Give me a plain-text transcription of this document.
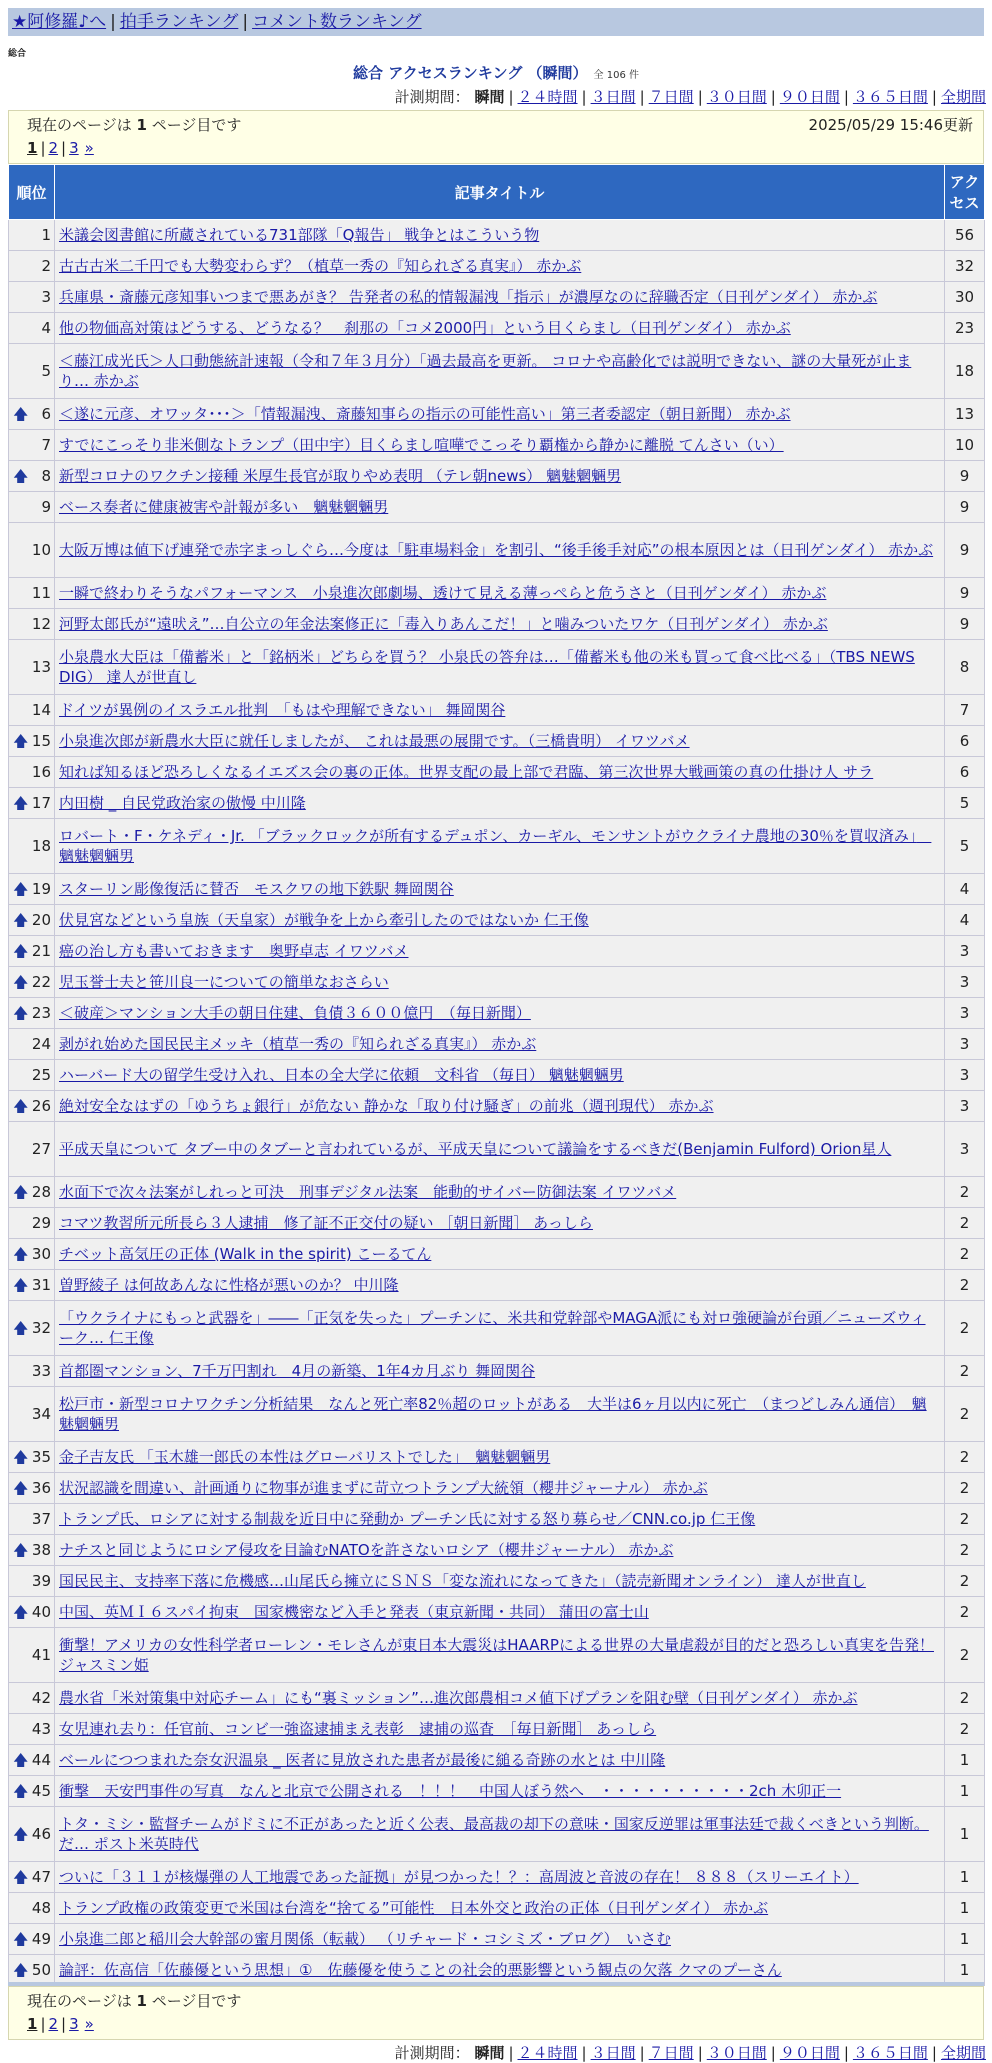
★阿修羅♪へ | 拍手ランキング | コメント数ランキング
総合
総合 アクセスランキング （瞬間） 全 106 件
計測期間： 瞬間 | ２４時間 | ３日間 | ７日間 | ３０日間 | ９０日間 | ３６５日間 | 全期間
現在のページは 1 ページ目です	2025/05/29 15:46更新
1 | 2 | 3 »
順位	記事タイトル	アクセス
1	米議会図書館に所蔵されている731部隊「Q報告」 戦争とはこういう物	56
2	古古古米二千円でも大勢変わらず？（植草一秀の『知られざる真実』） 赤かぶ	32
3	兵庫県・斎藤元彦知事いつまで悪あがき？ 告発者の私的情報漏洩「指示」が濃厚なのに辞職否定（日刊ゲンダイ） 赤かぶ	30
4	他の物価高対策はどうする、どうなる？　刹那の「コメ2000円」という目くらまし（日刊ゲンダイ） 赤かぶ	23
5	＜藤江成光氏＞人口動態統計速報（令和７年３月分）「過去最高を更新。 コロナや高齢化では説明できない、謎の大量死が止まり… 赤かぶ	18

🡅 6	＜遂に元彦、オワッタ･･･＞「情報漏洩、斎藤知事らの指示の可能性高い」第三者委認定（朝日新聞） 赤かぶ	13
7	すでにこっそり非米側なトランプ（田中宇）目くらまし喧嘩でこっそり覇権から静かに離脱 てんさい（い）	10

🡅 8	新型コロナのワクチン接種 米厚生長官が取りやめ表明 （テレ朝news） 魑魅魍魎男	9
9	ベース奏者に健康被害や計報が多い　魑魅魍魎男	9
10	大阪万博は値下げ連発で赤字まっしぐら…今度は「駐車場料金」を割引、“後手後手対応”の根本原因とは（日刊ゲンダイ） 赤かぶ	9
11	一瞬で終わりそうなパフォーマンス　小泉進次郎劇場、透けて見える薄っぺらと危うさと（日刊ゲンダイ） 赤かぶ	9
12	河野太郎氏が“遠吠え”…自公立の年金法案修正に「毒入りあんこだ！」と噛みついたワケ（日刊ゲンダイ） 赤かぶ	9
13	小泉農水大臣は「備蓄米」と「銘柄米」どちらを買う？ 小泉氏の答弁は…「備蓄米も他の米も買って食べ比べる」（TBS NEWS DIG） 達人が世直し	8
14	ドイツが異例のイスラエル批判　「もはや理解できない」 舞岡関谷	7

🡅 15	小泉進次郎が新農水大臣に就任しましたが、 これは最悪の展開です。（三橋貴明） イワツバメ	6
16	知れば知るほど恐ろしくなるイエズス会の裏の正体。世界支配の最上部で君臨、第三次世界大戦画策の真の仕掛け人 サラ	6

🡅 17	内田樹 _ 自民党政治家の傲慢 中川隆	5
18	ロバート・F・ケネディ・Jr. 「ブラックロックが所有するデュポン、カーギル、モンサントがウクライナ農地の30％を買収済み」　魑魅魍魎男	5

🡅 19	スターリン彫像復活に賛否　モスクワの地下鉄駅 舞岡関谷	4

🡅 20	伏見宮などという皇族（天皇家）が戦争を上から牽引したのではないか 仁王像	4

🡅 21	癌の治し方も書いておきます　奥野卓志 イワツバメ	3

🡅 22	児玉誉士夫と笹川良一についての簡単なおさらい	3

🡅 23	＜破産＞マンション大手の朝日住建、負債３６００億円　（毎日新聞）	3
24	剥がれ始めた国民民主メッキ（植草一秀の『知られざる真実』） 赤かぶ	3
25	ハーバード大の留学生受け入れ、日本の全大学に依頼　文科省 （毎日） 魑魅魍魎男	3

🡅 26	絶対安全なはずの「ゆうちょ銀行」が危ない 静かな「取り付け騒ぎ」の前兆（週刊現代） 赤かぶ	3
27	平成天皇について タブー中のタブーと言われているが、平成天皇について議論をするべきだ(Benjamin Fulford) Orion星人	3

🡅 28	水面下で次々法案がしれっと可決　刑事デジタル法案　能動的サイバー防御法案 イワツバメ	2
29	コマツ教習所元所長ら３人逮捕　修了証不正交付の疑い ［朝日新聞］ あっしら	2

🡅 30	チベット高気圧の正体 (Walk in the spirit) こーるてん	2

🡅 31	曽野綾子 は何故あんなに性格が悪いのか？ 中川隆	2

🡅 32	「ウクライナにもっと武器を」――「正気を失った」プーチンに、米共和党幹部やMAGA派にも対ロ強硬論が台頭／ニューズウィーク… 仁王像	2
33	首都圏マンション、7千万円割れ　4月の新築、1年4カ月ぶり 舞岡関谷	2
34	松戸市・新型コロナワクチン分析結果　なんと死亡率82％超のロットがある　大半は6ヶ月以内に死亡　（まつどしみん通信）　魑魅魍魎男	2

🡅 35	金子吉友氏 「玉木雄一郎氏の本性はグローバリストでした」　魑魅魍魎男	2

🡅 36	状況認識を間違い、計画通りに物事が進まずに苛立つトランプ大統領（櫻井ジャーナル） 赤かぶ	2
37	トランプ氏、ロシアに対する制裁を近日中に発動か プーチン氏に対する怒り募らせ／CNN.co.jp 仁王像	2

🡅 38	ナチスと同じようにロシア侵攻を目論むNATOを許さないロシア（櫻井ジャーナル） 赤かぶ	2
39	国民民主、支持率下落に危機感…山尾氏ら擁立にＳＮＳ「変な流れになってきた」（読売新聞オンライン） 達人が世直し	2

🡅 40	中国、英ＭＩ６スパイ拘束　国家機密など入手と発表（東京新聞・共同） 蒲田の富士山	2
41	衝撃！アメリカの女性科学者ローレン・モレさんが東日本大震災はHAARPによる世界の大量虐殺が目的だと恐ろしい真実を告発！ ジャスミン姫	2
42	農水省「米対策集中対応チーム」にも“裏ミッション”…進次郎農相コメ値下げプランを阻む壁（日刊ゲンダイ） 赤かぶ	2
43	女児連れ去り：任官前、コンビ一強盗逮捕まえ表彰　逮捕の巡査　［毎日新聞］ あっしら	2

🡅 44	ベールにつつまれた奈女沢温泉 _ 医者に見放された患者が最後に縋る奇跡の水とは 中川隆	1

🡅 45	衝撃　天安門事件の写真　なんと北京で公開される　！！！　中国人ぼう然へ　・・・・・・・・・・2ch 木卯正一	1

🡅 46	トタ・ミシ・監督チームがドミに不正があったと近く公表、最高裁の却下の意味・国家反逆罪は軍事法廷で裁くべきという判断。だ… ポスト米英時代	1

🡅 47	ついに「３１１が核爆弾の人工地震であった証拠」が見つかった！？：高周波と音波の存在！ ８８８（スリーエイト）	1
48	トランプ政権の政策変更で米国は台湾を“捨てる”可能性　日本外交と政治の正体（日刊ゲンダイ） 赤かぶ	1

🡅 49	小泉進二郎と稲川会大幹部の蜜月関係（転載） （リチャード・コシミズ・ブログ）　いさむ	1

🡅 50	論評：佐高信「佐藤優という思想」①　佐藤優を使うことの社会的悪影響という観点の欠落 クマのプーさん	1
計測期間： 瞬間 | ２４時間 | ３日間 | ７日間 | ３０日間 | ９０日間 | ３６５日間 | 全期間
現在のページは 1 ページ目です
1 | 2 | 3 »
